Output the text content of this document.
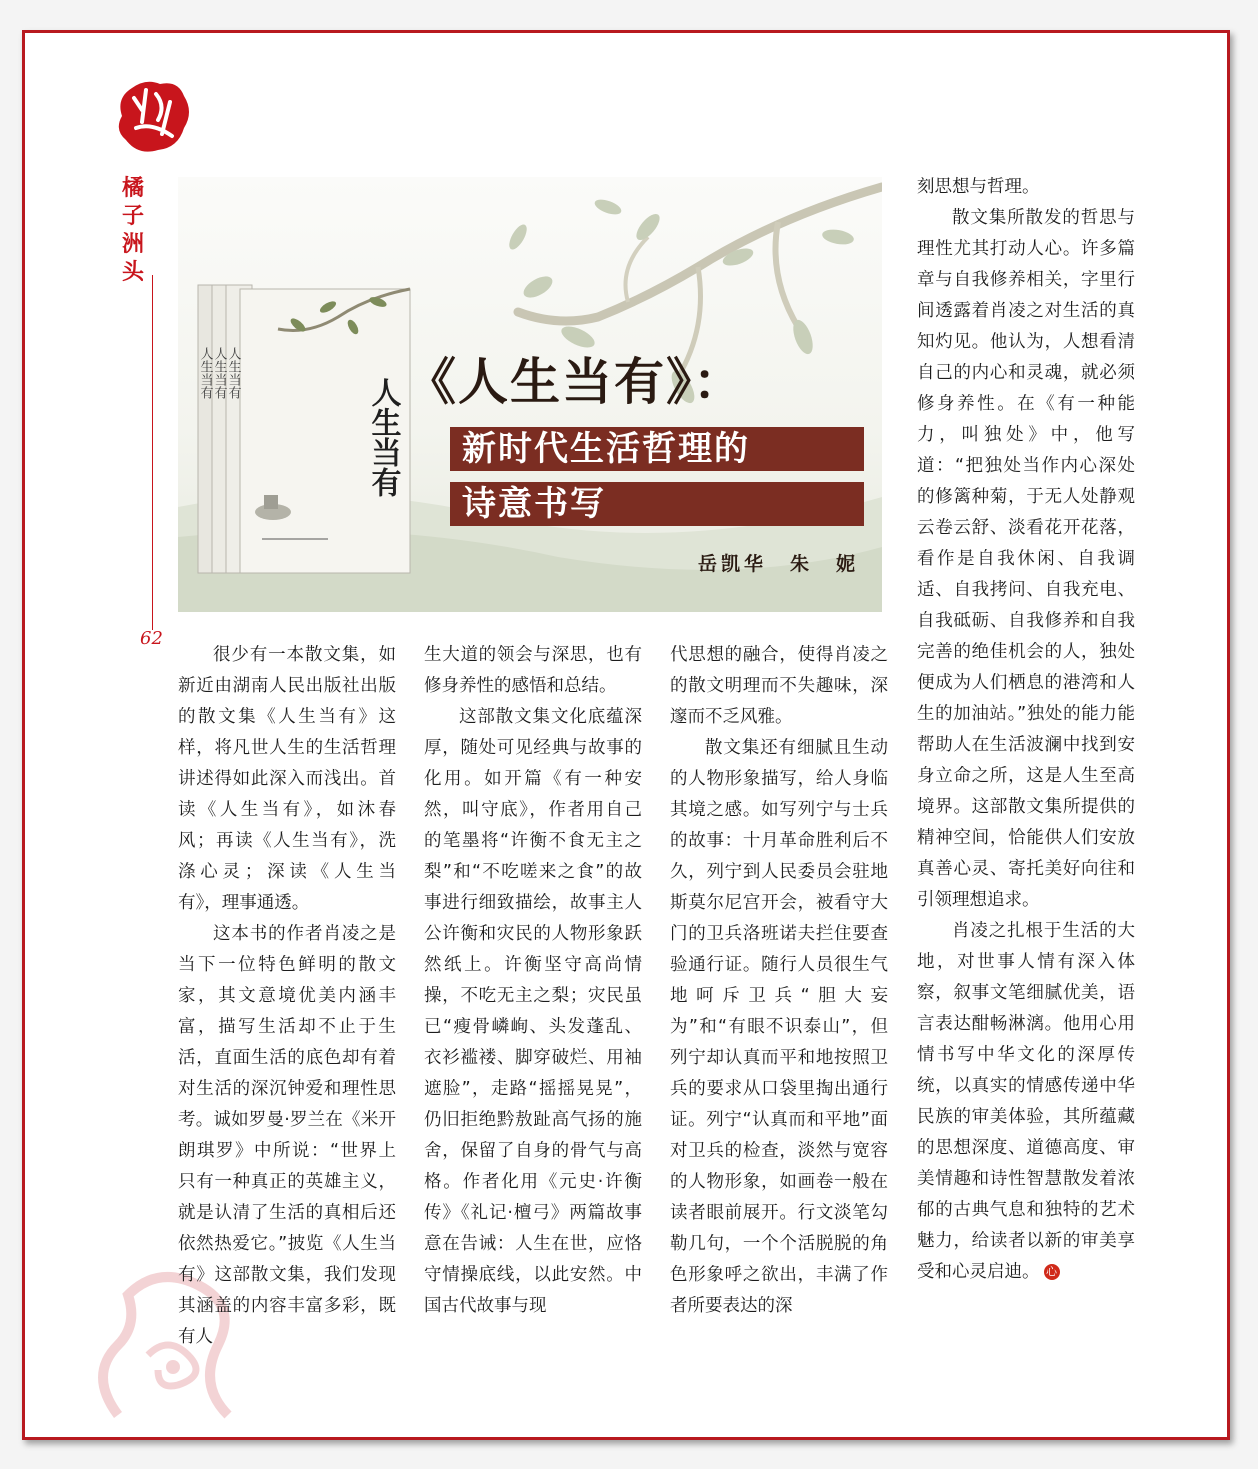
橘子洲头
62
人生当有 人生当有 人生当有
人生当有 《人生当有》：
新时代生活哲理的
诗意书写
岳凯华　朱　妮

很少有一本散文集，如新近由湖南人民出版社出版的散文集《人生当有》这样，将凡世人生的生活哲理讲述得如此深入而浅出。首读《人生当有》，如沐春风；再读《人生当有》，洗涤心灵；深读《人生当有》，理事通透。

这本书的作者肖凌之是当下一位特色鲜明的散文家，其文意境优美内涵丰富，描写生活却不止于生活，直面生活的底色却有着对生活的深沉钟爱和理性思考。诚如罗曼·罗兰在《米开朗琪罗》中所说：“世界上只有一种真正的英雄主义，就是认清了生活的真相后还依然热爱它。”披览《人生当有》这部散文集，我们发现其涵盖的内容丰富多彩，既有人

生大道的领会与深思，也有修身养性的感悟和总结。

这部散文集文化底蕴深厚，随处可见经典与故事的化用。如开篇《有一种安然，叫守底》，作者用自己的笔墨将“许衡不食无主之梨”和“不吃嗟来之食”的故事进行细致描绘，故事主人公许衡和灾民的人物形象跃然纸上。许衡坚守高尚情操，不吃无主之梨；灾民虽已“瘦骨嶙峋、头发蓬乱、衣衫褴褛、脚穿破烂、用袖遮脸”，走路“摇摇晃晃”，仍旧拒绝黔敖趾高气扬的施舍，保留了自身的骨气与高格。作者化用《元史·许衡传》《礼记·檀弓》两篇故事意在告诫：人生在世，应恪守情操底线，以此安然。中国古代故事与现

代思想的融合，使得肖凌之的散文明理而不失趣味，深邃而不乏风雅。

散文集还有细腻且生动的人物形象描写，给人身临其境之感。如写列宁与士兵的故事：十月革命胜利后不久，列宁到人民委员会驻地斯莫尔尼宫开会，被看守大门的卫兵洛班诺夫拦住要查验通行证。随行人员很生气地呵斥卫兵“胆大妄为”和“有眼不识泰山”，但列宁却认真而平和地按照卫兵的要求从口袋里掏出通行证。列宁“认真而和平地”面对卫兵的检查，淡然与宽容的人物形象，如画卷一般在读者眼前展开。行文淡笔勾勒几句，一个个活脱脱的角色形象呼之欲出，丰满了作者所要表达的深

刻思想与哲理。

散文集所散发的哲思与理性尤其打动人心。许多篇章与自我修养相关，字里行间透露着肖凌之对生活的真知灼见。他认为，人想看清自己的内心和灵魂，就必须修身养性。在《有一种能力，叫独处》中，他写道：“把独处当作内心深处的修篱种菊，于无人处静观云卷云舒、淡看花开花落，看作是自我休闲、自我调适、自我拷问、自我充电、自我砥砺、自我修养和自我完善的绝佳机会的人，独处便成为人们栖息的港湾和人生的加油站。”独处的能力能帮助人在生活波澜中找到安身立命之所，这是人生至高境界。这部散文集所提供的精神空间，恰能供人们安放真善心灵、寄托美好向往和引领理想追求。

肖凌之扎根于生活的大地，对世事人情有深入体察，叙事文笔细腻优美，语言表达酣畅淋漓。他用心用情书写中华文化的深厚传统，以真实的情感传递中华民族的审美体验，其所蕴藏的思想深度、道德高度、审美情趣和诗性智慧散发着浓郁的古典气息和独特的艺术魅力，给读者以新的审美享受和心灵启迪。 心
